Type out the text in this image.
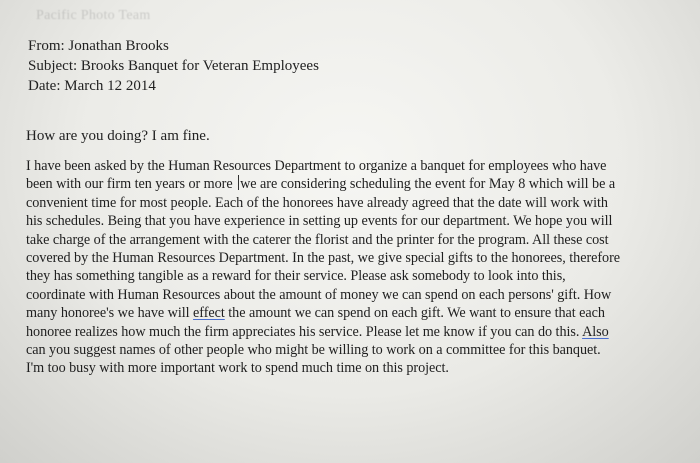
Pacific Photo Team
From: Jonathan Brooks
Subject: Brooks Banquet for Veteran Employees
Date: March 12 2014
How are you doing? I am fine.
I have been asked by the Human Resources Department to organize a banquet for employees who have
been with our firm ten years or more we are considering scheduling the event for May 8 which will be a
convenient time for most people. Each of the honorees have already agreed that the date will work with
his schedules. Being that you have experience in setting up events for our department. We hope you will
take charge of the arrangement with the caterer the florist and the printer for the program. All these cost
covered by the Human Resources Department. In the past, we give special gifts to the honorees, therefore
they has something tangible as a reward for their service. Please ask somebody to look into this,
coordinate with Human Resources about the amount of money we can spend on each persons' gift. How
many honoree's we have will effect the amount we can spend on each gift. We want to ensure that each
honoree realizes how much the firm appreciates his service. Please let me know if you can do this. Also
can you suggest names of other people who might be willing to work on a committee for this banquet.
I'm too busy with more important work to spend much time on this project.
